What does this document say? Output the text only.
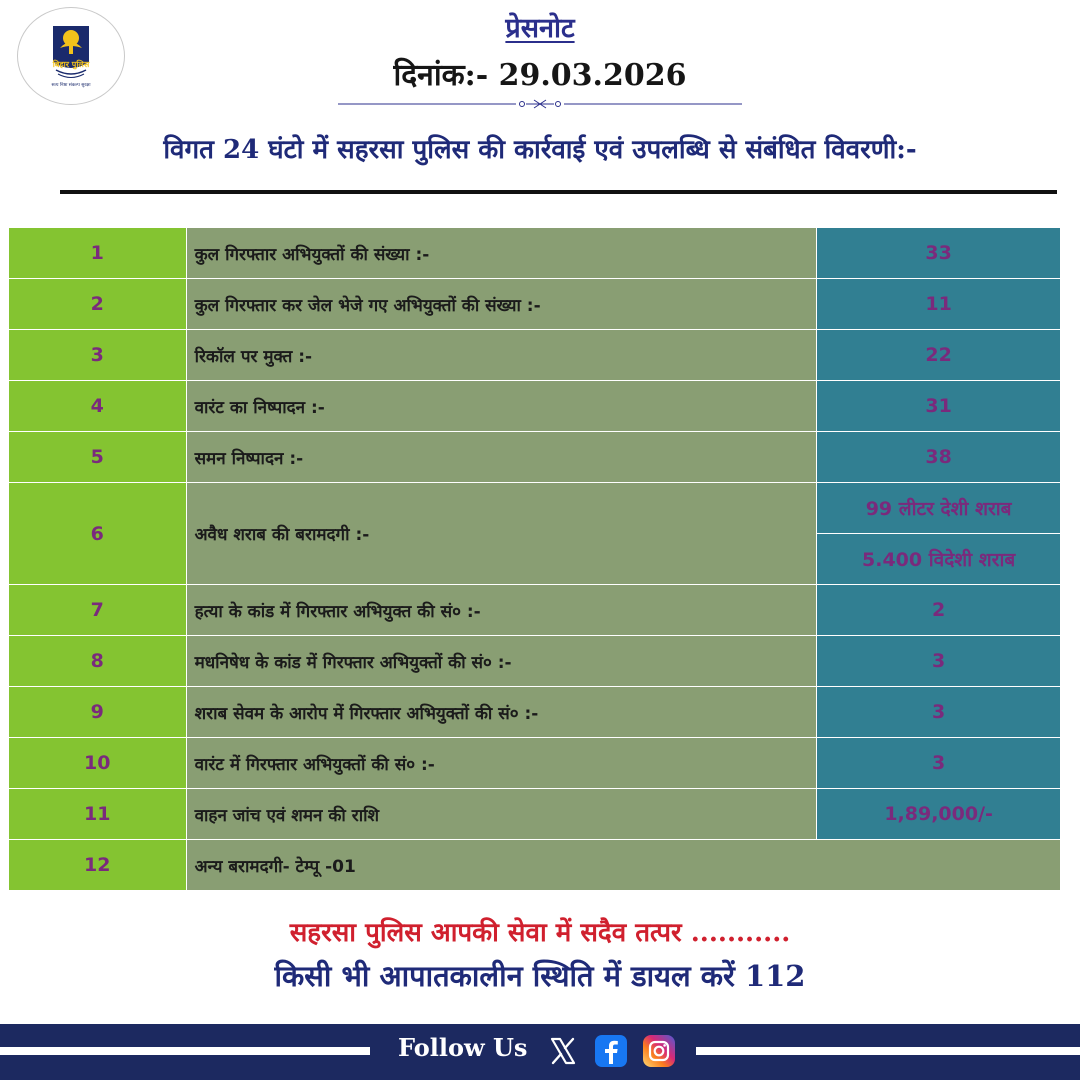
बिहार पुलिस
सत्य निष्ठा संकल्प सुरक्षा
प्रेसनोट
दिनांक:- 29.03.2026
विगत 24 घंटो में सहरसा पुलिस की कार्रवाई एवं उपलब्धि से संबंधित विवरणी:-
1	कुल गिरफ्तार अभियुक्तों की संख्या :-	33
2	कुल गिरफ्तार कर जेल भेजे गए अभियुक्तों की संख्या :-	11
3	रिकॉल पर मुक्त :-	22
4	वारंट का निष्पादन :-	31
5	समन निष्पादन :-	38
6	अवैध शराब की बरामदगी :-	99 लीटर देशी शराब
		5.400 विदेशी शराब
7	हत्या के कांड में गिरफ्तार अभियुक्त की सं० :-	2
8	मधनिषेध के कांड में गिरफ्तार अभियुक्तों की सं० :-	3
9	शराब सेवम के आरोप में गिरफ्तार अभियुक्तों की सं० :-	3
10	वारंट में गिरफ्तार अभियुक्तों की सं० :-	3
11	वाहन जांच एवं शमन की राशि	1,89,000/-
12	अन्य बरामदगी- टेम्पू -01	
सहरसा पुलिस आपकी सेवा में सदैव तत्पर ...........
किसी भी आपातकालीन स्थिति में डायल करें 112
Follow Us
